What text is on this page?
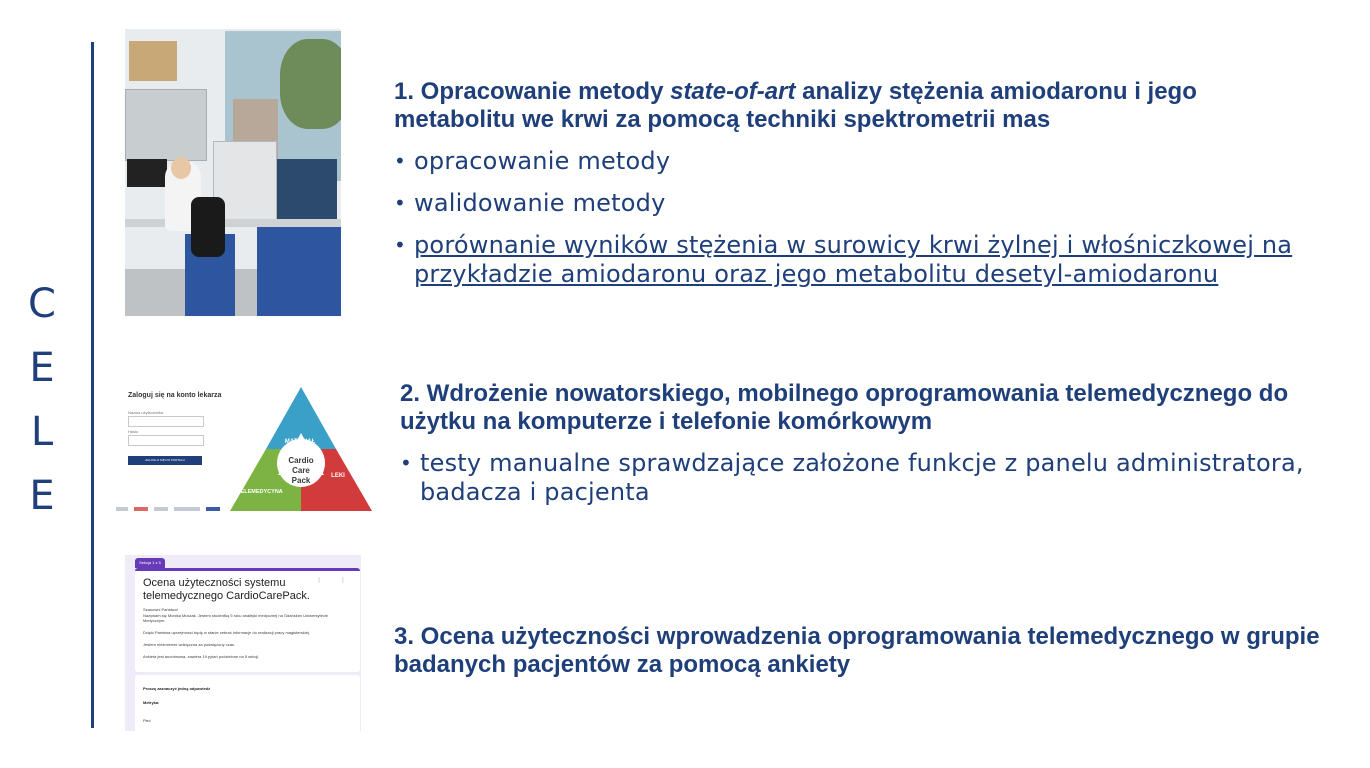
C
E
L
E
1. Opracowanie metody state-of-art analizy stężenia amiodaronu i jego metabolitu we krwi za pomocą techniki spektrometrii mas
• opracowanie metody
• walidowanie metody
• porównanie wyników stężenia w surowicy krwi żylnej i włośniczkowej na przykładzie amiodaronu oraz jego metabolitu desetyl-amiodaronu
Zaloguj się na konto lekarza
Nazwa użytkownika
Hasło
ZALOGUJ SIĘ DO PORTALU
MATERIAŁ
LEKI
TELEMEDYCYNA
Cardio
Care
Pack
2. Wdrożenie nowatorskiego, mobilnego oprogramowania telemedycznego do użytku na komputerze i telefonie komórkowym
• testy manualne sprawdzające założone funkcje z panelu administratora, badacza i pacjenta
Sekcja 1 z 5
Ocena użyteczności systemu telemedycznego CardioCarePack.
⋮ ⋮
Szanowni Państwo!
Nazywam się Monika Muszak. Jestem studentką 5 roku analityki medycznej na Gdańskim Uniwersytecie Medycznym.
Dzięki Państwa uprzejmości będę w stanie zebrać informacje do realizacji pracy magisterskiej.
Jestem niezmiernie wdzięczna za poświęcony czas.
Ankieta jest anonimowa, zawiera 19 pytań podzielone na 5 sekcji.
Proszę zaznaczyć jedną odpowiedź
Metryka:
Płeć
3. Ocena użyteczności wprowadzenia oprogramowania telemedycznego w grupie badanych pacjentów za pomocą ankiety
